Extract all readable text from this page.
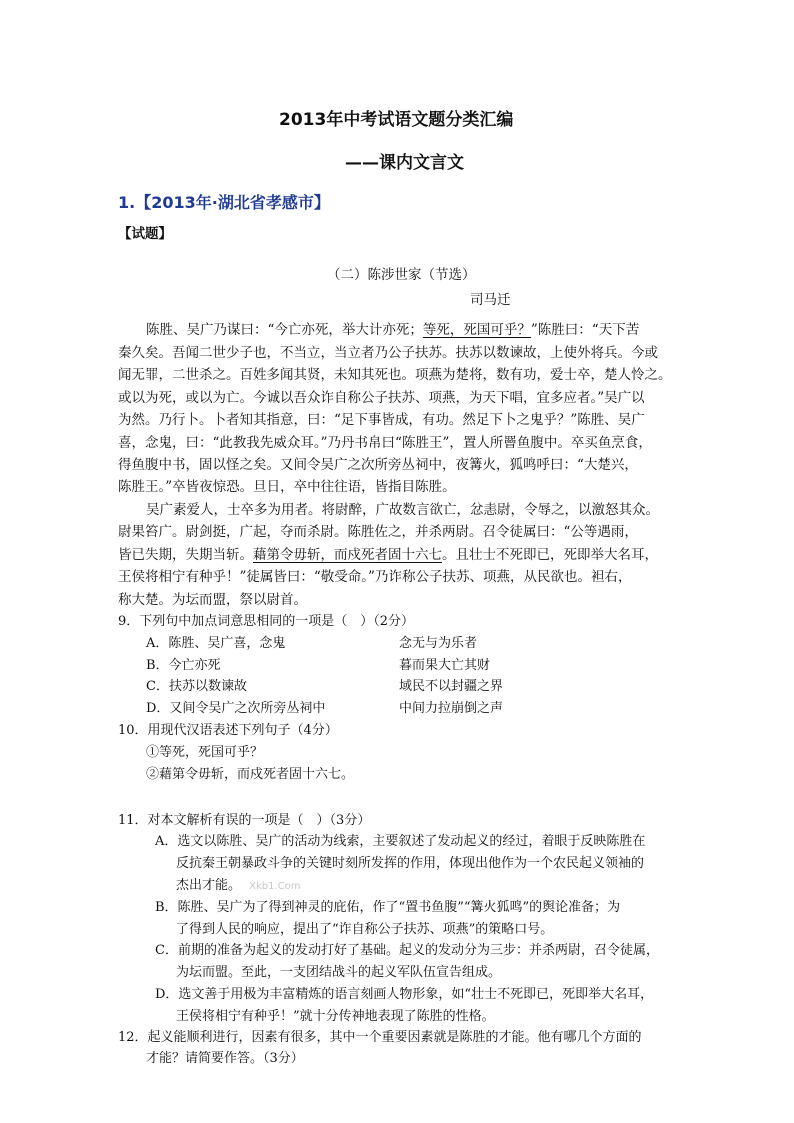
2013年中考试语文题分类汇编
——课内文言文
1.【2013年·湖北省孝感市】
【试题】
（二）陈涉世家（节选）
司马迁
陈胜、吴广乃谋曰：“今亡亦死，举大计亦死；等死，死国可乎？”陈胜曰：“天下苦
秦久矣。吾闻二世少子也，不当立，当立者乃公子扶苏。扶苏以数谏故，上使外将兵。今或
闻无罪，二世杀之。百姓多闻其贤，未知其死也。项燕为楚将，数有功，爱士卒，楚人怜之。
或以为死，或以为亡。今诚以吾众诈自称公子扶苏、项燕，为天下唱，宜多应者。”吴广以
为然。乃行卜。卜者知其指意，曰：“足下事皆成，有功。然足下卜之鬼乎？”陈胜、吴广
喜，念鬼，曰：“此教我先威众耳。”乃丹书帛曰“陈胜王”，置人所罾鱼腹中。卒买鱼烹食，
得鱼腹中书，固以怪之矣。又间令吴广之次所旁丛祠中，夜篝火，狐鸣呼曰：“大楚兴，
陈胜王。”卒皆夜惊恐。旦日，卒中往往语，皆指目陈胜。
吴广素爱人，士卒多为用者。将尉醉，广故数言欲亡，忿恚尉，令辱之，以激怒其众。
尉果笞广。尉剑挺，广起，夺而杀尉。陈胜佐之，并杀两尉。召令徒属曰：“公等遇雨，
皆已失期，失期当斩。藉第令毋斩，而戍死者固十六七。且壮士不死即已，死即举大名耳，
王侯将相宁有种乎！”徒属皆曰：“敬受命。”乃诈称公子扶苏、项燕，从民欲也。袒右，
称大楚。为坛而盟，祭以尉首。
9．下列句中加点词意思相同的一项是（　）（2分）
A．陈胜、吴广喜，念鬼	念无与为乐者
B．今亡亦死	暮而果大亡其财
C．扶苏以数谏故	域民不以封疆之界
D．又间令吴广之次所旁丛祠中	中间力拉崩倒之声
10．用现代汉语表述下列句子（4分）
①等死，死国可乎？
②藉第令毋斩，而戍死者固十六七。
11．对本文解析有误的一项是（　）（3分）
A．选文以陈胜、吴广的活动为线索，主要叙述了发动起义的经过，着眼于反映陈胜在
反抗秦王朝暴政斗争的关键时刻所发挥的作用，体现出他作为一个农民起义领袖的
杰出才能。 Xkb1.Com
B．陈胜、吴广为了得到神灵的庇佑，作了“置书鱼腹”“篝火狐鸣”的舆论准备；为
了得到人民的响应，提出了“诈自称公子扶苏、项燕”的策略口号。
C．前期的准备为起义的发动打好了基础。起义的发动分为三步：并杀两尉，召令徒属，
为坛而盟。至此，一支团结战斗的起义军队伍宣告组成。
D．选文善于用极为丰富精炼的语言刻画人物形象，如“壮士不死即已，死即举大名耳，
王侯将相宁有种乎！”就十分传神地表现了陈胜的性格。
12．起义能顺利进行，因素有很多，其中一个重要因素就是陈胜的才能。他有哪几个方面的
才能？请简要作答。（3分）
